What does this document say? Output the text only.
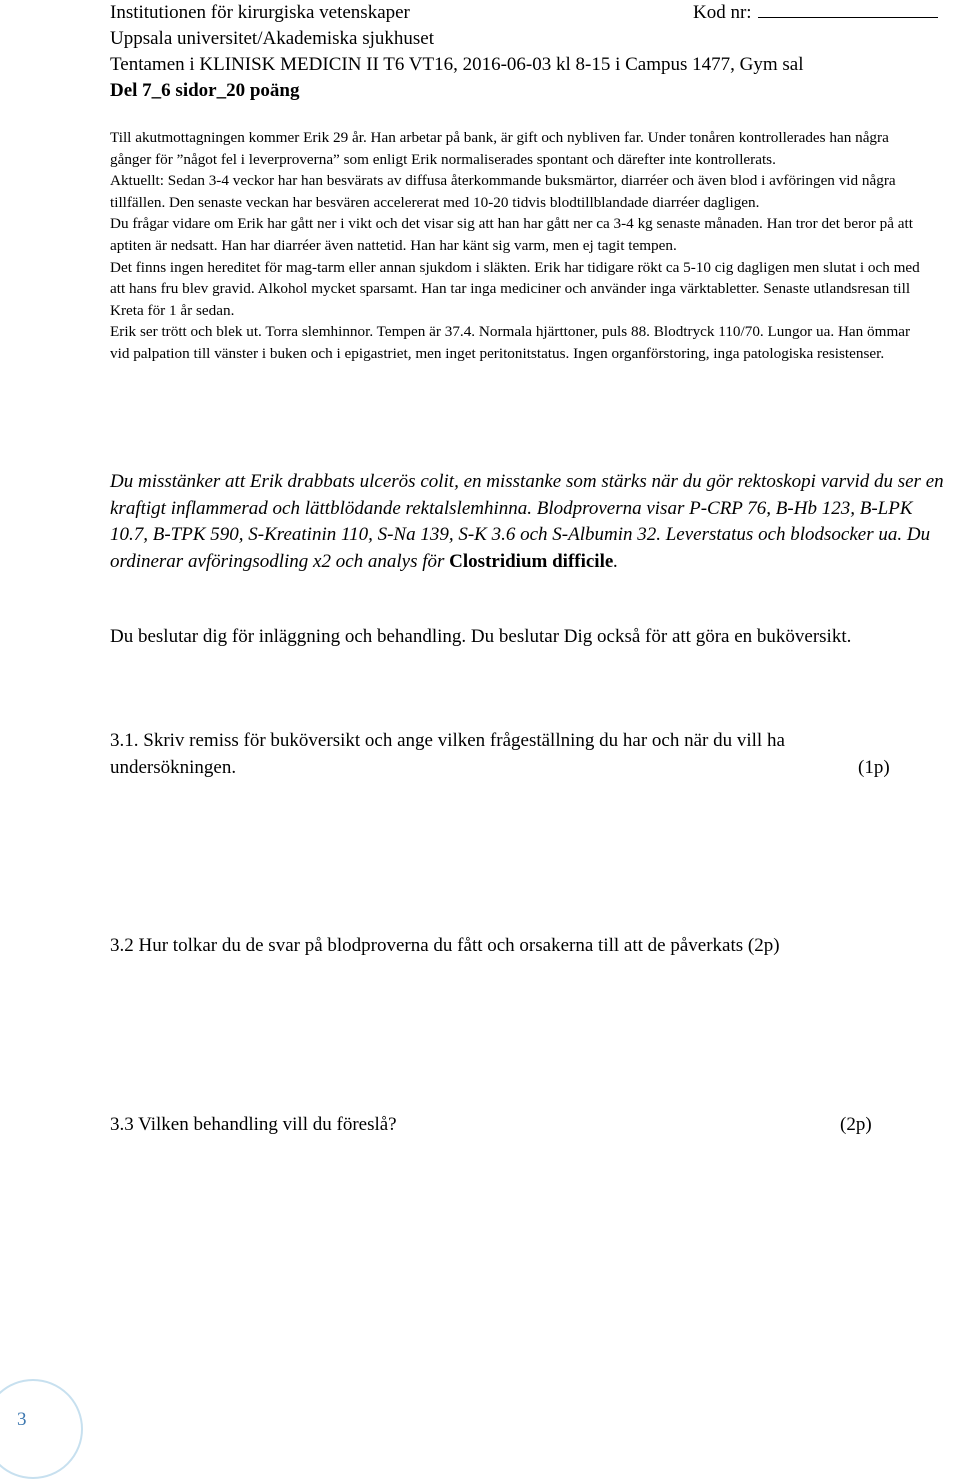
Institutionen för kirurgiska vetenskaper	Kod nr:
Uppsala universitet/Akademiska sjukhuset
Tentamen i KLINISK MEDICIN II T6 VT16, 2016-06-03 kl 8-15 i Campus 1477, Gym sal
Del 7_6 sidor_20 poäng

Till akutmottagningen kommer Erik 29 år. Han arbetar på bank, är gift och nybliven far. Under tonåren kontrollerades han några gånger för ”något fel i leverproverna” som enligt Erik normaliserades spontant och därefter inte kontrollerats.

Aktuellt: Sedan 3-4 veckor har han besvärats av diffusa återkommande buksmärtor, diarréer och även blod i avföringen vid några tillfällen. Den senaste veckan har besvären accelererat med 10-20 tidvis blodtillblandade diarréer dagligen.

Du frågar vidare om Erik har gått ner i vikt och det visar sig att han har gått ner ca 3-4 kg senaste månaden. Han tror det beror på att aptiten är nedsatt. Han har diarréer även nattetid. Han har känt sig varm, men ej tagit tempen.

Det finns ingen hereditet för mag-tarm eller annan sjukdom i släkten. Erik har tidigare rökt ca 5-10 cig dagligen men slutat i och med att hans fru blev gravid. Alkohol mycket sparsamt. Han tar inga mediciner och använder inga värktabletter. Senaste utlandsresan till Kreta för 1 år sedan.

Erik ser trött och blek ut. Torra slemhinnor. Tempen är 37.4. Normala hjärttoner, puls 88. Blodtryck 110/70. Lungor ua. Han ömmar vid palpation till vänster i buken och i epigastriet, men inget peritonitstatus. Ingen organförstoring, inga patologiska resistenser.

Du misstänker att Erik drabbats ulcerös colit, en misstanke som stärks när du gör rektoskopi varvid du ser en kraftigt inflammerad och lättblödande rektalslemhinna. Blodproverna visar P-CRP 76, B-Hb 123, B-LPK 10.7, B-TPK 590, S-Kreatinin 110, S-Na 139, S-K 3.6 och S-Albumin 32. Leverstatus och blodsocker ua. Du ordinerar avföringsodling x2 och analys för Clostridium difficile.

Du beslutar dig för inläggning och behandling. Du beslutar Dig också för att göra en buköversikt.

3.1. Skriv remiss för buköversikt och ange vilken frågeställning du har och när du vill ha
undersökningen.	(1p)
3.2 Hur tolkar du de svar på blodproverna du fått och orsakerna till att de påverkats (2p)
3.3 Vilken behandling vill du föreslå?	(2p)
3
